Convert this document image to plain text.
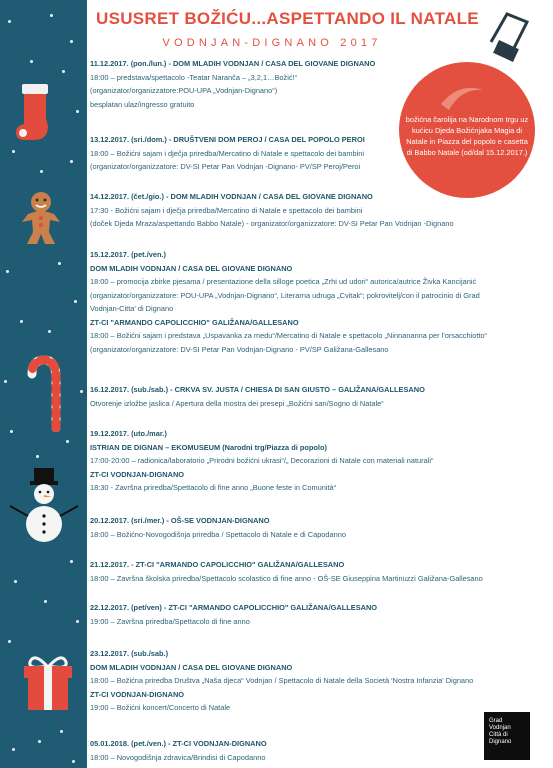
USUSRET BOŽIĆU...ASPETTANDO IL NATALE
VODNJAN-DIGNANO 2017
božićna čarolija na Narodnom trgu uz kućicu Djeda Božićnjaka Magia di Natale in Piazza del popolo e casetta di Babbo Natale (od/dal 15.12.2017.)
11.12.2017. (pon./lun.) - DOM MLADIH VODNJAN / CASA DEL GIOVANE DIGNANO
18:00 – predstava/spettacolo -Teatar Naranča – „3,2,1…Božić!“
(organizator/organizzatore:POU-UPA „Vodnjan-Dignano“)
besplatan ulaz/ingresso gratuito
13.12.2017. (sri./dom.) - DRUŠTVENI DOM PEROJ / CASA DEL POPOLO PEROI
18:00 – Božićni sajam i dječja priredba/Mercatino di Natale e spettacolo dei bambini
(organizator/organizzatore: DV-SI Petar Pan Vodnjan -Dignano- PV/SP Peroj/Peroi
14.12.2017. (čet./gio.) - DOM MLADIH VODNJAN / CASA DEL GIOVANE DIGNANO
17:30 - Božićni sajam i dječja priredba/Mercatino di Natale e spettacolo dei bambini
(doček Djeda Mraza/aspettando Babbo Natale) - organizator/organizzatore: DV-SI Petar Pan Vodnjan -Dignano
15.12.2017. (pet./ven.)
DOM MLADIH VODNJAN / CASA DEL GIOVANE DIGNANO
18:00 – promocija zbirke pjesama / presentazione della silloge poetica „Zrhi ud udori“ autorica/autrice Živka Kancijanić
(organizator/organizzatore: POU-UPA „Vodnjan-Dignano“, Literarna udruga „Cvitak“; pokrovitelj/con il patrocinio di Grad
Vodnjan-Citta' di Dignano
ZT-CI "ARMANDO CAPOLICCHIO" GALIŽANA/GALLESANO
18:00 – Božićni sajam i predstava „Uspavanka za medu“/Mercatino di Natale e spettacolo „Ninnananna per l'orsacchiotto“
(organizator/organizzatore: DV-SI Petar Pan Vodnjan-Dignano - PV/SP Galižana-Gallesano
16.12.2017. (sub./sab.) - CRKVA SV. JUSTA / CHIESA DI SAN GIUSTO – GALIŽANA/GALLESANO
Otvorenje izložbe jaslica / Apertura della mostra dei presepi „Božićni san/Sogno di Natale“
19.12.2017. (uto./mar.)
ISTRIAN DE DIGNAN – EKOMUSEUM (Narodni trg/Piazza di popolo)
17:00-20:00 – radionica/laboratorio „Prirodni božićni ukrasi“/„ Decorazioni di Natale con materiali naturali“
ZT-CI VODNJAN-DIGNANO
18:30 - Završna priredba/Spettacolo di fine anno „Buone feste in Comunità“
20.12.2017. (sri./mer.) - OŠ-SE VODNJAN-DIGNANO
18:00 – Božićno-Novogodišnja priredba / Spettacolo di Natale e di Capodanno
21.12.2017. - ZT-CI "ARMANDO CAPOLICCHIO" GALIŽANA/GALLESANO
18:00 – Završna školska priredba/Spettacolo scolastico di fine anno - OŠ-SE Giuseppina Martinuzzi Galižana-Gallesano
22.12.2017. (pet/ven) - ZT-CI "ARMANDO CAPOLICCHIO" GALIŽANA/GALLESANO
19:00 – Završna priredba/Spettacolo di fine anno
23.12.2017. (sub./sab.)
DOM MLADIH VODNJAN / CASA DEL GIOVANE DIGNANO
18:00 – Božićna priredba Društva „Naša djeca“ Vodnjan / Spettacolo di Natale della Società 'Nostra Infanzia' Dignano
ZT-CI VODNJAN-DIGNANO
19:00 – Božićni koncert/Concerto di Natale
05.01.2018. (pet./ven.) - ZT-CI VODNJAN-DIGNANO
18:00 – Novogodišnja zdravica/Brindisi di Capodanno
Grad
Vodnjan
Città di
Dignano
